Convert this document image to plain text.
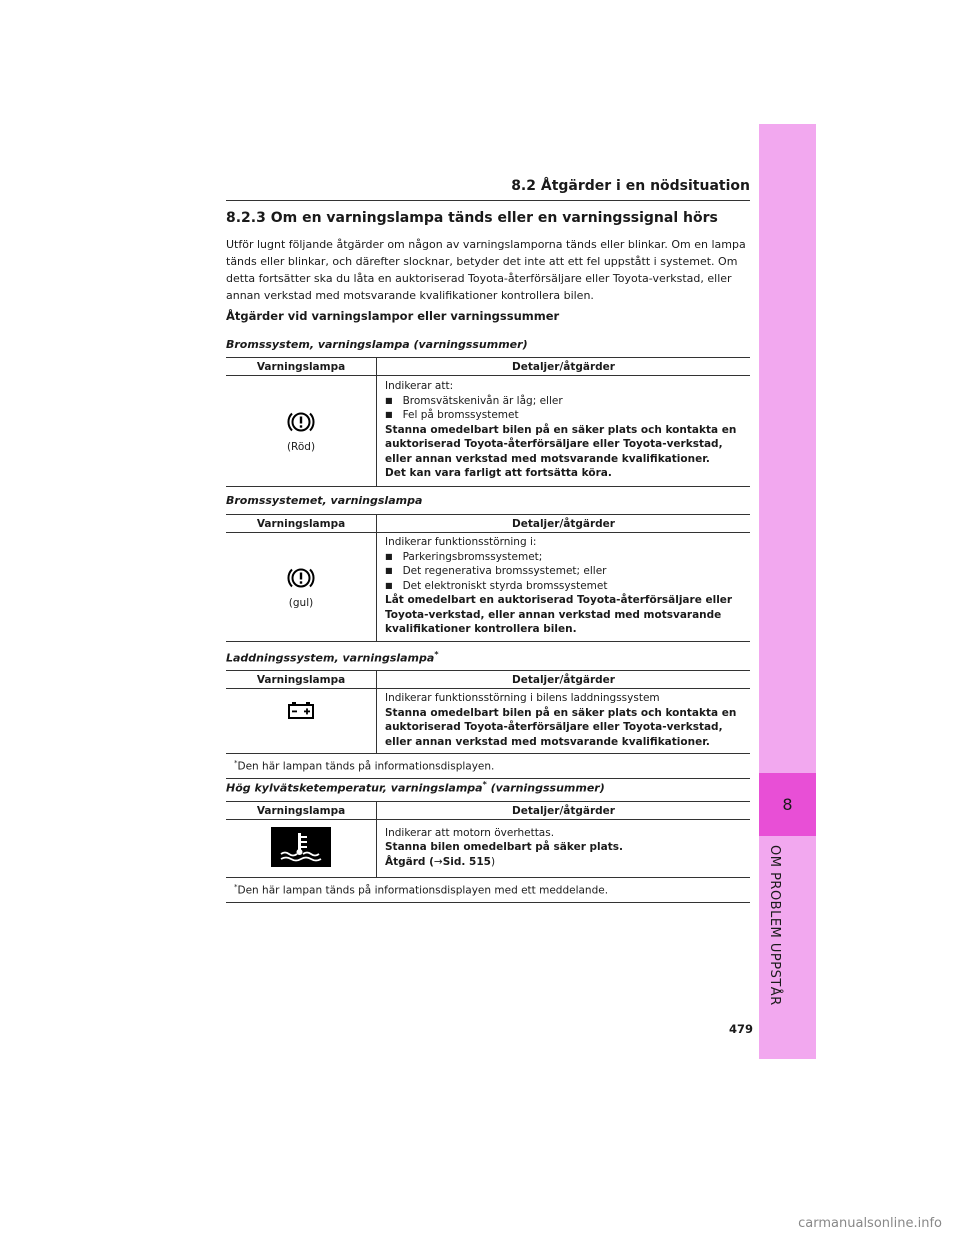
8
OM PROBLEM UPPSTÅR
8.2 Åtgärder i en nödsituation
8.2.3 Om en varningslampa tänds eller en varningssignal hörs
Utför lugnt följande åtgärder om någon av varningslamporna tänds eller blinkar. Om en lampa tänds eller blinkar, och därefter slocknar, betyder det inte att ett fel uppstått i systemet. Om detta fortsätter ska du låta en auktoriserad Toyota-återförsäljare eller Toyota-verkstad, eller annan verkstad med motsvarande kvalifikationer kontrollera bilen.
Åtgärder vid varningslampor eller varningssummer
Bromssystem, varningslampa (varningssummer)
Varningslampa	Detaljer/åtgärder

(Röd)	Indikerar att:
■ Bromsvätskenivån är låg; eller
■ Fel på bromssystemet
Stanna omedelbart bilen på en säker plats och kontakta en auktoriserad Toyota-återförsäljare eller Toyota-verkstad, eller annan verkstad med motsvarande kvalifikationer.
Det kan vara farligt att fortsätta köra.
Bromssystemet, varningslampa
Varningslampa	Detaljer/åtgärder

(gul)	Indikerar funktionsstörning i:
■ Parkeringsbromssystemet;
■ Det regenerativa bromssystemet; eller
■ Det elektroniskt styrda bromssystemet
Låt omedelbart en auktoriserad Toyota-återförsäljare eller Toyota-verkstad, eller annan verkstad med motsvarande kvalifikationer kontrollera bilen.
Laddningssystem, varningslampa*
Varningslampa	Detaljer/åtgärder

Indikerar funktionsstörning i bilens laddningssystem
Stanna omedelbart bilen på en säker plats och kontakta en auktoriserad Toyota-återförsäljare eller Toyota-verkstad, eller annan verkstad med motsvarande kvalifikationer.

*Den här lampan tänds på informationsdisplayen.	
Hög kylvätsketemperatur, varningslampa* (varningssummer)
Varningslampa	Detaljer/åtgärder

Indikerar att motorn överhettas.
Stanna bilen omedelbart på säker plats.
Åtgärd (→Sid. 515)

*Den här lampan tänds på informationsdisplayen med ett meddelande.	
479
carmanualsonline.info
